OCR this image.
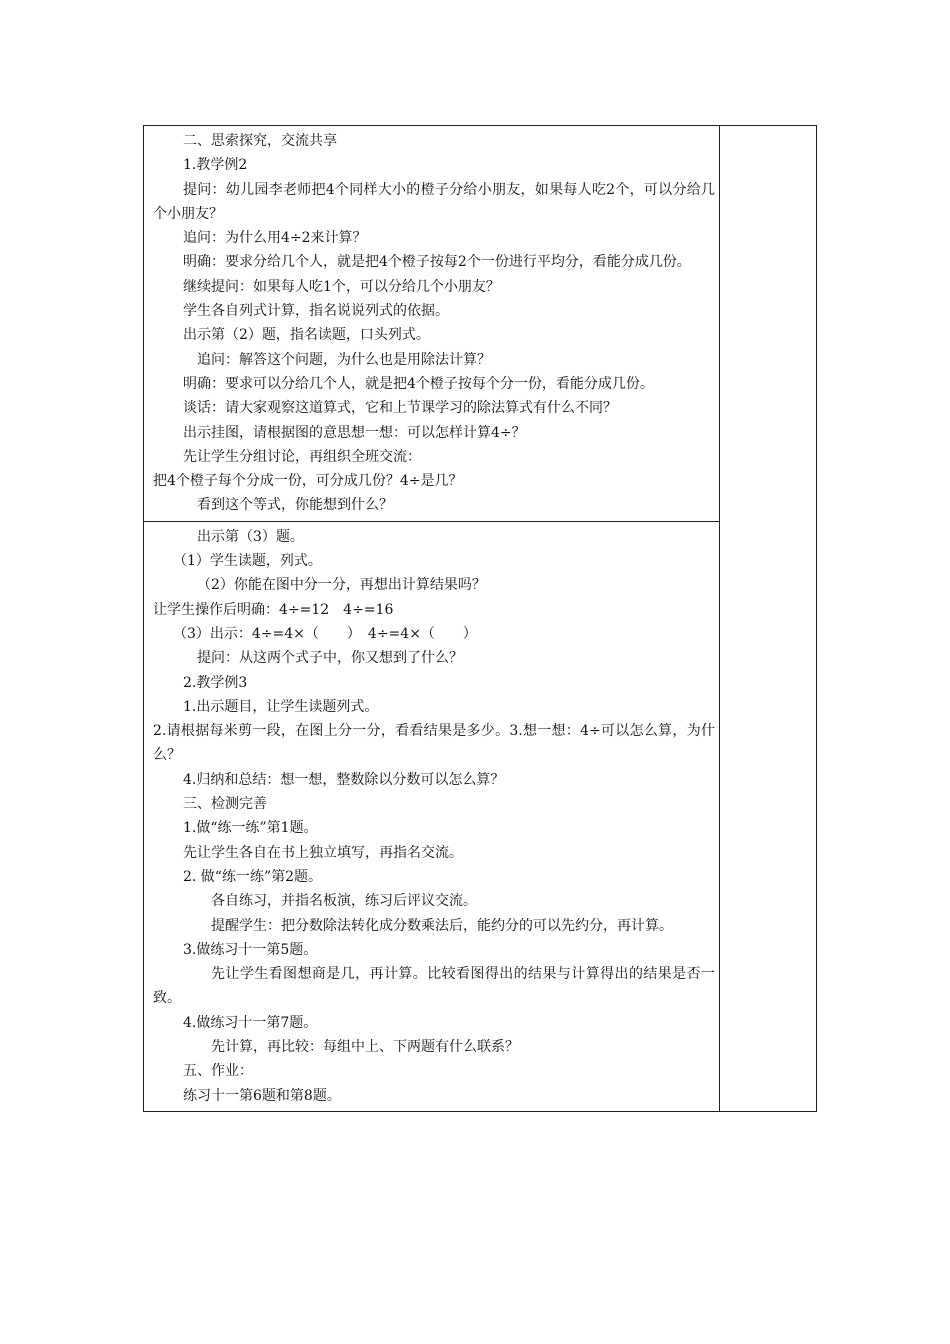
二、思索探究，交流共享

1.教学例2

提问：幼儿园李老师把4个同样大小的橙子分给小朋友，如果每人吃2个，可以分给几个小朋友？

追问：为什么用4÷2来计算？

明确：要求分给几个人，就是把4个橙子按每2个一份进行平均分，看能分成几份。

继续提问：如果每人吃1个，可以分给几个小朋友？

学生各自列式计算，指名说说列式的依据。

出示第（2）题，指名读题，口头列式。

追问：解答这个问题，为什么也是用除法计算？

明确：要求可以分给几个人，就是把4个橙子按每个分一份，看能分成几份。

谈话：请大家观察这道算式，它和上节课学习的除法算式有什么不同？

出示挂图，请根据图的意思想一想：可以怎样计算4÷？

先让学生分组讨论，再组织全班交流：

把4个橙子每个分成一份，可分成几份？4÷是几？

看到这个等式，你能想到什么？

出示第（3）题。

（1）学生读题，列式。

（2）你能在图中分一分，再想出计算结果吗？

让学生操作后明确：4÷=12　4÷=16

（3）出示：4÷=4×（　　）　4÷=4×（　　）

提问：从这两个式子中，你又想到了什么？

2.教学例3

1.出示题目，让学生读题列式。

2.请根据每米剪一段，在图上分一分，看看结果是多少。3.想一想：4÷可以怎么算，为什么？

4.归纳和总结：想一想，整数除以分数可以怎么算？

三、检测完善

1.做“练一练”第1题。

先让学生各自在书上独立填写，再指名交流。

2. 做“练一练”第2题。

各自练习，并指名板演，练习后评议交流。

提醒学生：把分数除法转化成分数乘法后，能约分的可以先约分，再计算。

3.做练习十一第5题。

先让学生看图想商是几，再计算。比较看图得出的结果与计算得出的结果是否一致。

4.做练习十一第7题。

先计算，再比较：每组中上、下两题有什么联系？

五、作业：

练习十一第6题和第8题。
